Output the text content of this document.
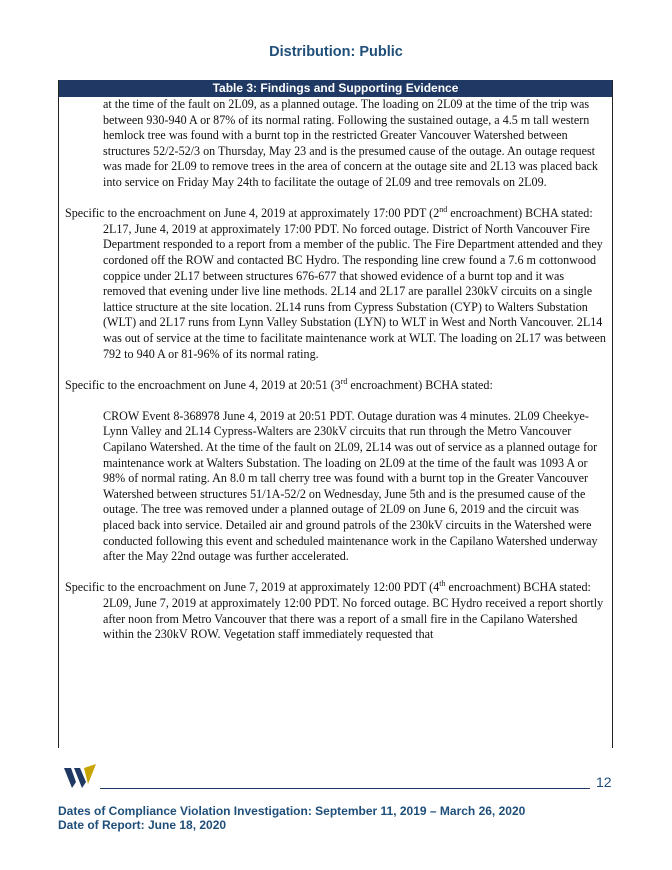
Distribution: Public
Table 3: Findings and Supporting Evidence

at the time of the fault on 2L09, as a planned outage. The loading on 2L09 at the time of the trip was between 930-940 A or 87% of its normal rating. Following the sustained outage, a 4.5 m tall western hemlock tree was found with a burnt top in the restricted Greater Vancouver Watershed between structures 52/2-52/3 on Thursday, May 23 and is the presumed cause of the outage. An outage request was made for 2L09 to remove trees in the area of concern at the outage site and 2L13 was placed back into service on Friday May 24th to facilitate the outage of 2L09 and tree removals on 2L09.

Specific to the encroachment on June 4, 2019 at approximately 17:00 PDT (2nd encroachment) BCHA stated:

2L17, June 4, 2019 at approximately 17:00 PDT. No forced outage. District of North Vancouver Fire Department responded to a report from a member of the public. The Fire Department attended and they cordoned off the ROW and contacted BC Hydro. The responding line crew found a 7.6 m cottonwood coppice under 2L17 between structures 676-677 that showed evidence of a burnt top and it was removed that evening under live line methods. 2L14 and 2L17 are parallel 230kV circuits on a single lattice structure at the site location. 2L14 runs from Cypress Substation (CYP) to Walters Substation (WLT) and 2L17 runs from Lynn Valley Substation (LYN) to WLT in West and North Vancouver. 2L14 was out of service at the time to facilitate maintenance work at WLT. The loading on 2L17 was between 792 to 940 A or 81-96% of its normal rating.

Specific to the encroachment on June 4, 2019 at 20:51 (3rd encroachment) BCHA stated:

CROW Event 8-368978 June 4, 2019 at 20:51 PDT. Outage duration was 4 minutes. 2L09 Cheekye-Lynn Valley and 2L14 Cypress-Walters are 230kV circuits that run through the Metro Vancouver Capilano Watershed. At the time of the fault on 2L09, 2L14 was out of service as a planned outage for maintenance work at Walters Substation. The loading on 2L09 at the time of the fault was 1093 A or 98% of normal rating. An 8.0 m tall cherry tree was found with a burnt top in the Greater Vancouver Watershed between structures 51/1A-52/2 on Wednesday, June 5th and is the presumed cause of the outage. The tree was removed under a planned outage of 2L09 on June 6, 2019 and the circuit was placed back into service. Detailed air and ground patrols of the 230kV circuits in the Watershed were conducted following this event and scheduled maintenance work in the Capilano Watershed underway after the May 22nd outage was further accelerated.

Specific to the encroachment on June 7, 2019 at approximately 12:00 PDT (4th encroachment) BCHA stated:

2L09, June 7, 2019 at approximately 12:00 PDT. No forced outage. BC Hydro received a report shortly after noon from Metro Vancouver that there was a report of a small fire in the Capilano Watershed within the 230kV ROW. Vegetation staff immediately requested that

12
Dates of Compliance Violation Investigation: September 11, 2019 – March 26, 2020
Date of Report: June 18, 2020
